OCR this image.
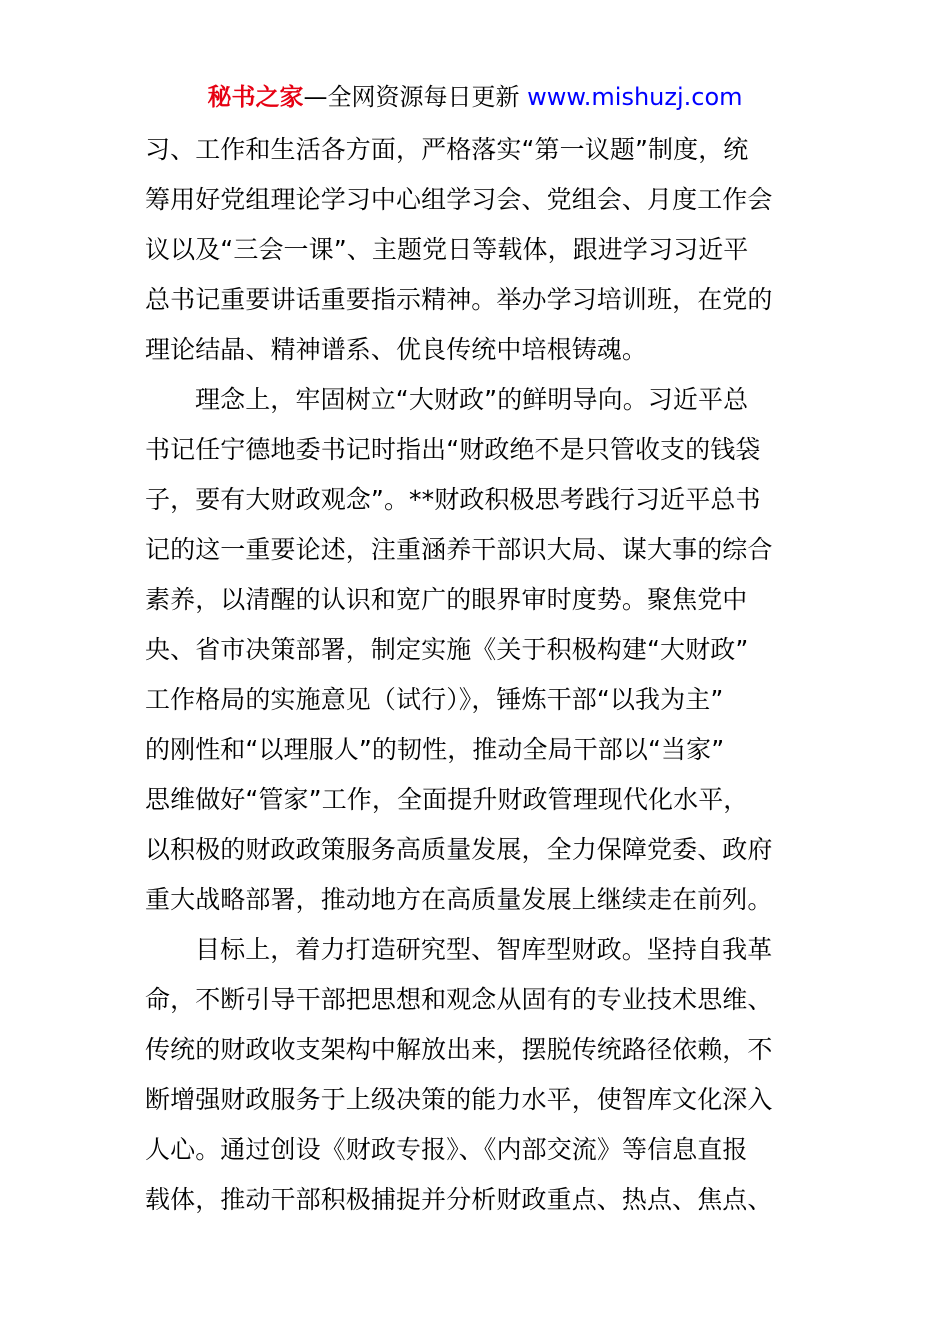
秘书之家—全网资源每日更新 www.mishuzj.com
习、工作和生活各方面，严格落实“第一议题”制度，统
筹用好党组理论学习中心组学习会、党组会、月度工作会
议以及“三会一课”、主题党日等载体，跟进学习习近平
总书记重要讲话重要指示精神。举办学习培训班，在党的
理论结晶、精神谱系、优良传统中培根铸魂。
理念上，牢固树立“大财政”的鲜明导向。习近平总
书记任宁德地委书记时指出“财政绝不是只管收支的钱袋
子，要有大财政观念”。**财政积极思考践行习近平总书
记的这一重要论述，注重涵养干部识大局、谋大事的综合
素养，以清醒的认识和宽广的眼界审时度势。聚焦党中
央、省市决策部署，制定实施《关于积极构建“大财政”
工作格局的实施意见（试行）》，锤炼干部“以我为主”
的刚性和“以理服人”的韧性，推动全局干部以“当家”
思维做好“管家”工作，全面提升财政管理现代化水平，
以积极的财政政策服务高质量发展，全力保障党委、政府
重大战略部署，推动地方在高质量发展上继续走在前列。
目标上，着力打造研究型、智库型财政。坚持自我革
命，不断引导干部把思想和观念从固有的专业技术思维、
传统的财政收支架构中解放出来，摆脱传统路径依赖，不
断增强财政服务于上级决策的能力水平，使智库文化深入
人心。通过创设《财政专报》、《内部交流》等信息直报
载体，推动干部积极捕捉并分析财政重点、热点、焦点、
